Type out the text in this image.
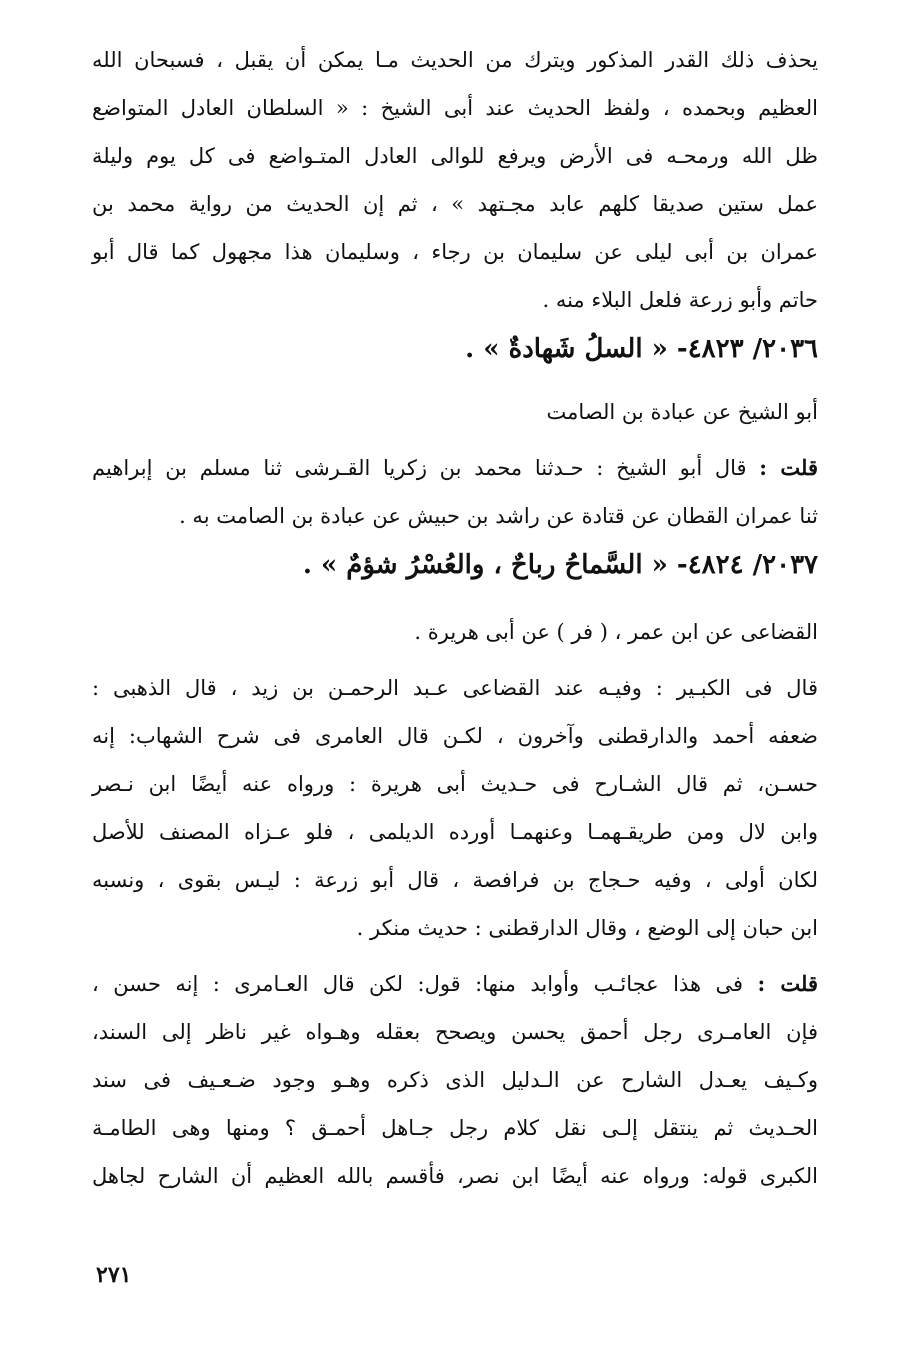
يحذف ذلك القدر المذكور ويترك من الحديث مـا يمكن أن يقبل ، فسبحان الله
العظيم وبحمده ، ولفظ الحديث عند أبى الشيخ : « السلطان العادل المتواضع
ظل الله ورمحـه فى الأرض ويرفع للوالى العادل المتـواضع فى كل يوم وليلة
عمل ستين صديقا كلهم عابد مجـتهد » ، ثم إن الحديث من رواية محمد بن
عمران بن أبى ليلى عن سليمان بن رجاء ، وسليمان هذا مجهول كما قال أبو
حاتم وأبو زرعة فلعل البلاء منه .
٢٠٣٦/ ٤٨٢٣- « السلُ شَهادةٌ » .
أبو الشيخ عن عبادة بن الصامت
قلت : قال أبو الشيخ : حـدثنا محمد بن زكريا القـرشى ثنا مسلم بن إبراهيم
ثنا عمران القطان عن قتادة عن راشد بن حبيش عن عبادة بن الصامت به .
٢٠٣٧/ ٤٨٢٤- « السَّماحُ رباحٌ ، والعُسْرُ شؤمٌ » .
القضاعى عن ابن عمر ، ( فر ) عن أبى هريرة .
قال فى الكبـير : وفيـه عند القضاعى عـبد الرحمـن بن زيد ، قال الذهبى :
ضعفه أحمد والدارقطنى وآخرون ، لكـن قال العامرى فى شرح الشهاب: إنه
حسـن، ثم قال الشـارح فى حـديث أبى هريرة : ورواه عنه أيضًا ابن نـصر
وابن لال ومن طريقـهمـا وعنهمـا أورده الديلمى ، فلو عـزاه المصنف للأصل
لكان أولى ، وفيه حـجاج بن فرافصة ، قال أبو زرعة : ليـس بقوى ، ونسبه
ابن حبان إلى الوضع ، وقال الدارقطنى : حديث منكر .
قلت : فى هذا عجائـب وأوابد منها: قول: لكن قال العـامرى : إنه حسن ،
فإن العامـرى رجل أحمق يحسن ويصحح بعقله وهـواه غير ناظر إلى السند،
وكـيف يعـدل الشارح عن الـدليل الذى ذكره وهـو وجود ضـعـيف فى سند
الحـديث ثم ينتقل إلـى نقل كلام رجل جـاهل أحمـق ؟ ومنها وهى الطامـة
الكبرى قوله: ورواه عنه أيضًا ابن نصر، فأقسم بالله العظيم أن الشارح لجاهل
٢٧١
